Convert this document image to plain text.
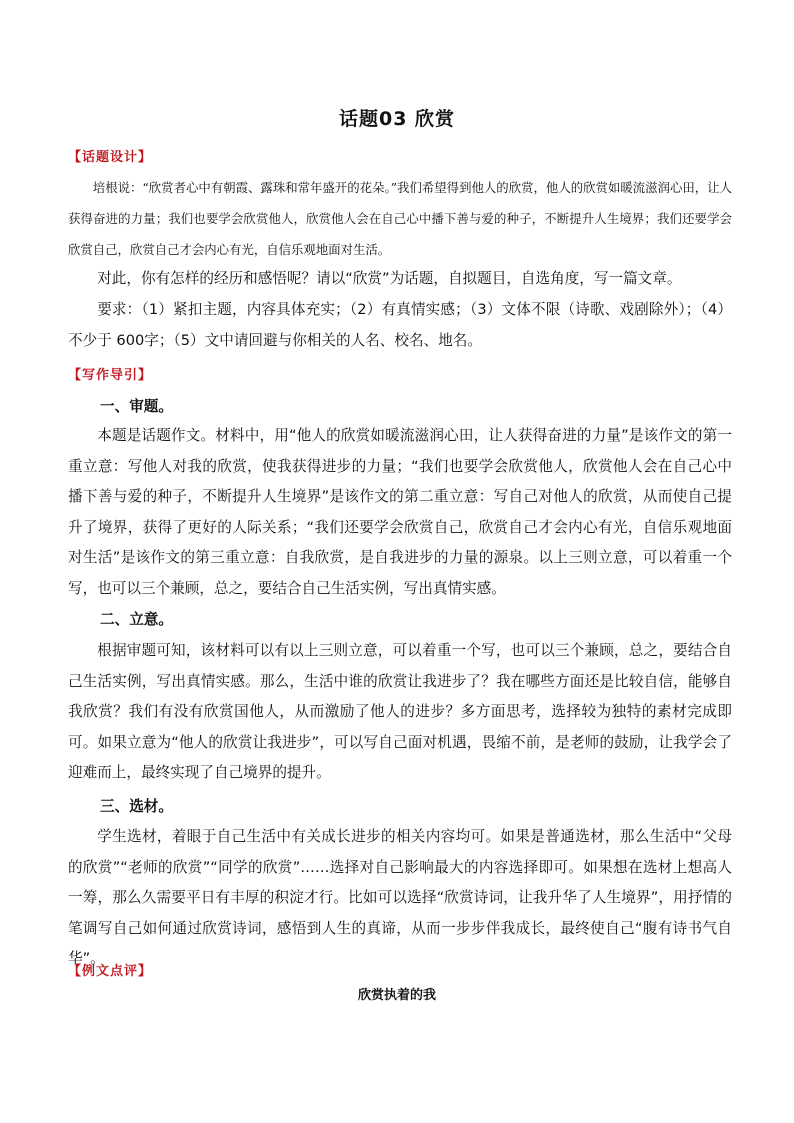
话题03 欣赏
【话题设计】

培根说：“欣赏者心中有朝霞、露珠和常年盛开的花朵。”我们希望得到他人的欣赏，他人的欣赏如暖流滋润心田，让人获得奋进的力量；我们也要学会欣赏他人，欣赏他人会在自己心中播下善与爱的种子，不断提升人生境界；我们还要学会欣赏自己，欣赏自己才会内心有光，自信乐观地面对生活。

对此，你有怎样的经历和感悟呢？请以“欣赏”为话题，自拟题目，自选角度，写一篇文章。

要求：（1）紧扣主题，内容具体充实；（2）有真情实感；（3）文体不限（诗歌、戏剧除外）；（4）不少于 600字；（5）文中请回避与你相关的人名、校名、地名。

【写作导引】
一、审题。

本题是话题作文。材料中，用“他人的欣赏如暖流滋润心田，让人获得奋进的力量”是该作文的第一重立意：写他人对我的欣赏，使我获得进步的力量；“我们也要学会欣赏他人，欣赏他人会在自己心中播下善与爱的种子，不断提升人生境界”是该作文的第二重立意：写自己对他人的欣赏，从而使自己提升了境界，获得了更好的人际关系；“我们还要学会欣赏自己，欣赏自己才会内心有光，自信乐观地面对生活”是该作文的第三重立意：自我欣赏，是自我进步的力量的源泉。以上三则立意，可以着重一个写，也可以三个兼顾，总之，要结合自己生活实例，写出真情实感。

二、立意。

根据审题可知，该材料可以有以上三则立意，可以着重一个写，也可以三个兼顾，总之，要结合自己生活实例，写出真情实感。那么，生活中谁的欣赏让我进步了？我在哪些方面还是比较自信，能够自我欣赏？我们有没有欣赏国他人，从而激励了他人的进步？多方面思考，选择较为独特的素材完成即可。如果立意为“他人的欣赏让我进步”，可以写自己面对机遇，畏缩不前，是老师的鼓励，让我学会了迎难而上，最终实现了自己境界的提升。

三、选材。

学生选材，着眼于自己生活中有关成长进步的相关内容均可。如果是普通选材，那么生活中“父母的欣赏”“老师的欣赏”“同学的欣赏”……选择对自己影响最大的内容选择即可。如果想在选材上想高人一筹，那么久需要平日有丰厚的积淀才行。比如可以选择“欣赏诗词，让我升华了人生境界”，用抒情的笔调写自己如何通过欣赏诗词，感悟到人生的真谛，从而一步步伴我成长，最终使自己“腹有诗书气自华”。

【例文点评】
欣赏执着的我
